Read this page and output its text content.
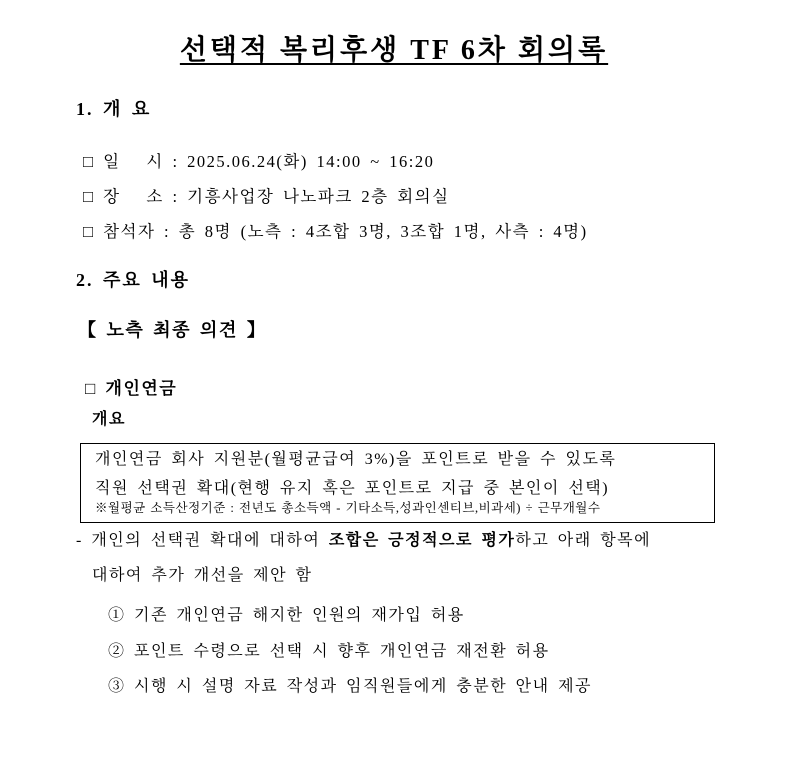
선택적 복리후생 TF 6차 회의록
1. 개 요
□ 일   시 : 2025.06.24(화) 14:00 ~ 16:20
□ 장   소 : 기흥사업장 나노파크 2층 회의실
□ 참석자 : 총 8명 (노측 : 4조합 3명, 3조합 1명, 사측 : 4명)
2. 주요 내용
【 노측 최종 의견 】
□ 개인연금
개요
개인연금 회사 지원분(월평균급여 3%)을 포인트로 받을 수 있도록
직원 선택권 확대(현행 유지 혹은 포인트로 지급 중 본인이 선택)
※월평균 소득산정기준 : 전년도 총소득액 - 기타소득,성과인센티브,비과세) ÷ 근무개월수
- 개인의 선택권 확대에 대하여 조합은 긍정적으로 평가하고 아래 항목에
대하여 추가 개선을 제안 함
① 기존 개인연금 해지한 인원의 재가입 허용
② 포인트 수령으로 선택 시 향후 개인연금 재전환 허용
③ 시행 시 설명 자료 작성과 임직원들에게 충분한 안내 제공
